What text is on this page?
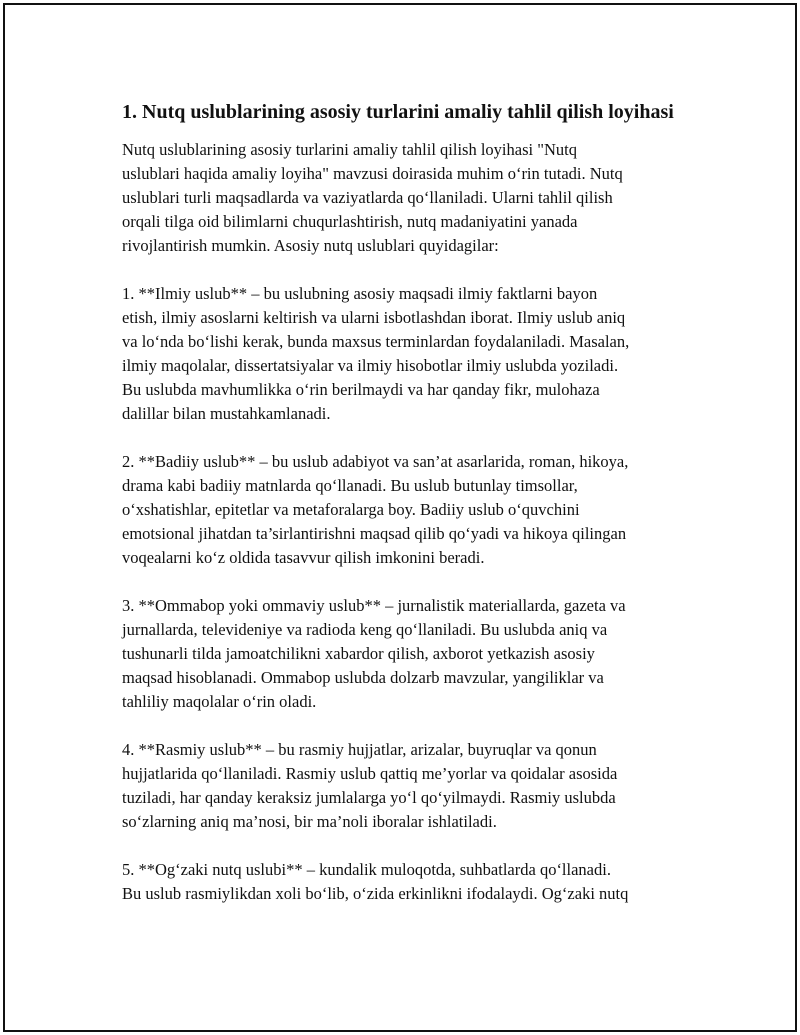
1. Nutq uslublarining asosiy turlarini amaliy tahlil qilish loyihasi

Nutq uslublarining asosiy turlarini amaliy tahlil qilish loyihasi "Nutq
uslublari haqida amaliy loyiha" mavzusi doirasida muhim o‘rin tutadi. Nutq
uslublari turli maqsadlarda va vaziyatlarda qo‘llaniladi. Ularni tahlil qilish
orqali tilga oid bilimlarni chuqurlashtirish, nutq madaniyatini yanada
rivojlantirish mumkin. Asosiy nutq uslublari quyidagilar:

1. **Ilmiy uslub** – bu uslubning asosiy maqsadi ilmiy faktlarni bayon
etish, ilmiy asoslarni keltirish va ularni isbotlashdan iborat. Ilmiy uslub aniq
va lo‘nda bo‘lishi kerak, bunda maxsus terminlardan foydalaniladi. Masalan,
ilmiy maqolalar, dissertatsiyalar va ilmiy hisobotlar ilmiy uslubda yoziladi.
Bu uslubda mavhumlikka o‘rin berilmaydi va har qanday fikr, mulohaza
dalillar bilan mustahkamlanadi.

2. **Badiiy uslub** – bu uslub adabiyot va san’at asarlarida, roman, hikoya,
drama kabi badiiy matnlarda qo‘llanadi. Bu uslub butunlay timsollar,
o‘xshatishlar, epitetlar va metaforalarga boy. Badiiy uslub o‘quvchini
emotsional jihatdan ta’sirlantirishni maqsad qilib qo‘yadi va hikoya qilingan
voqealarni ko‘z oldida tasavvur qilish imkonini beradi.

3. **Ommabop yoki ommaviy uslub** – jurnalistik materiallarda, gazeta va
jurnallarda, televideniye va radioda keng qo‘llaniladi. Bu uslubda aniq va
tushunarli tilda jamoatchilikni xabardor qilish, axborot yetkazish asosiy
maqsad hisoblanadi. Ommabop uslubda dolzarb mavzular, yangiliklar va
tahliliy maqolalar o‘rin oladi.

4. **Rasmiy uslub** – bu rasmiy hujjatlar, arizalar, buyruqlar va qonun
hujjatlarida qo‘llaniladi. Rasmiy uslub qattiq me’yorlar va qoidalar asosida
tuziladi, har qanday keraksiz jumlalarga yo‘l qo‘yilmaydi. Rasmiy uslubda
so‘zlarning aniq ma’nosi, bir ma’noli iboralar ishlatiladi.

5. **Og‘zaki nutq uslubi** – kundalik muloqotda, suhbatlarda qo‘llanadi.
Bu uslub rasmiylikdan xoli bo‘lib, o‘zida erkinlikni ifodalaydi. Og‘zaki nutq
